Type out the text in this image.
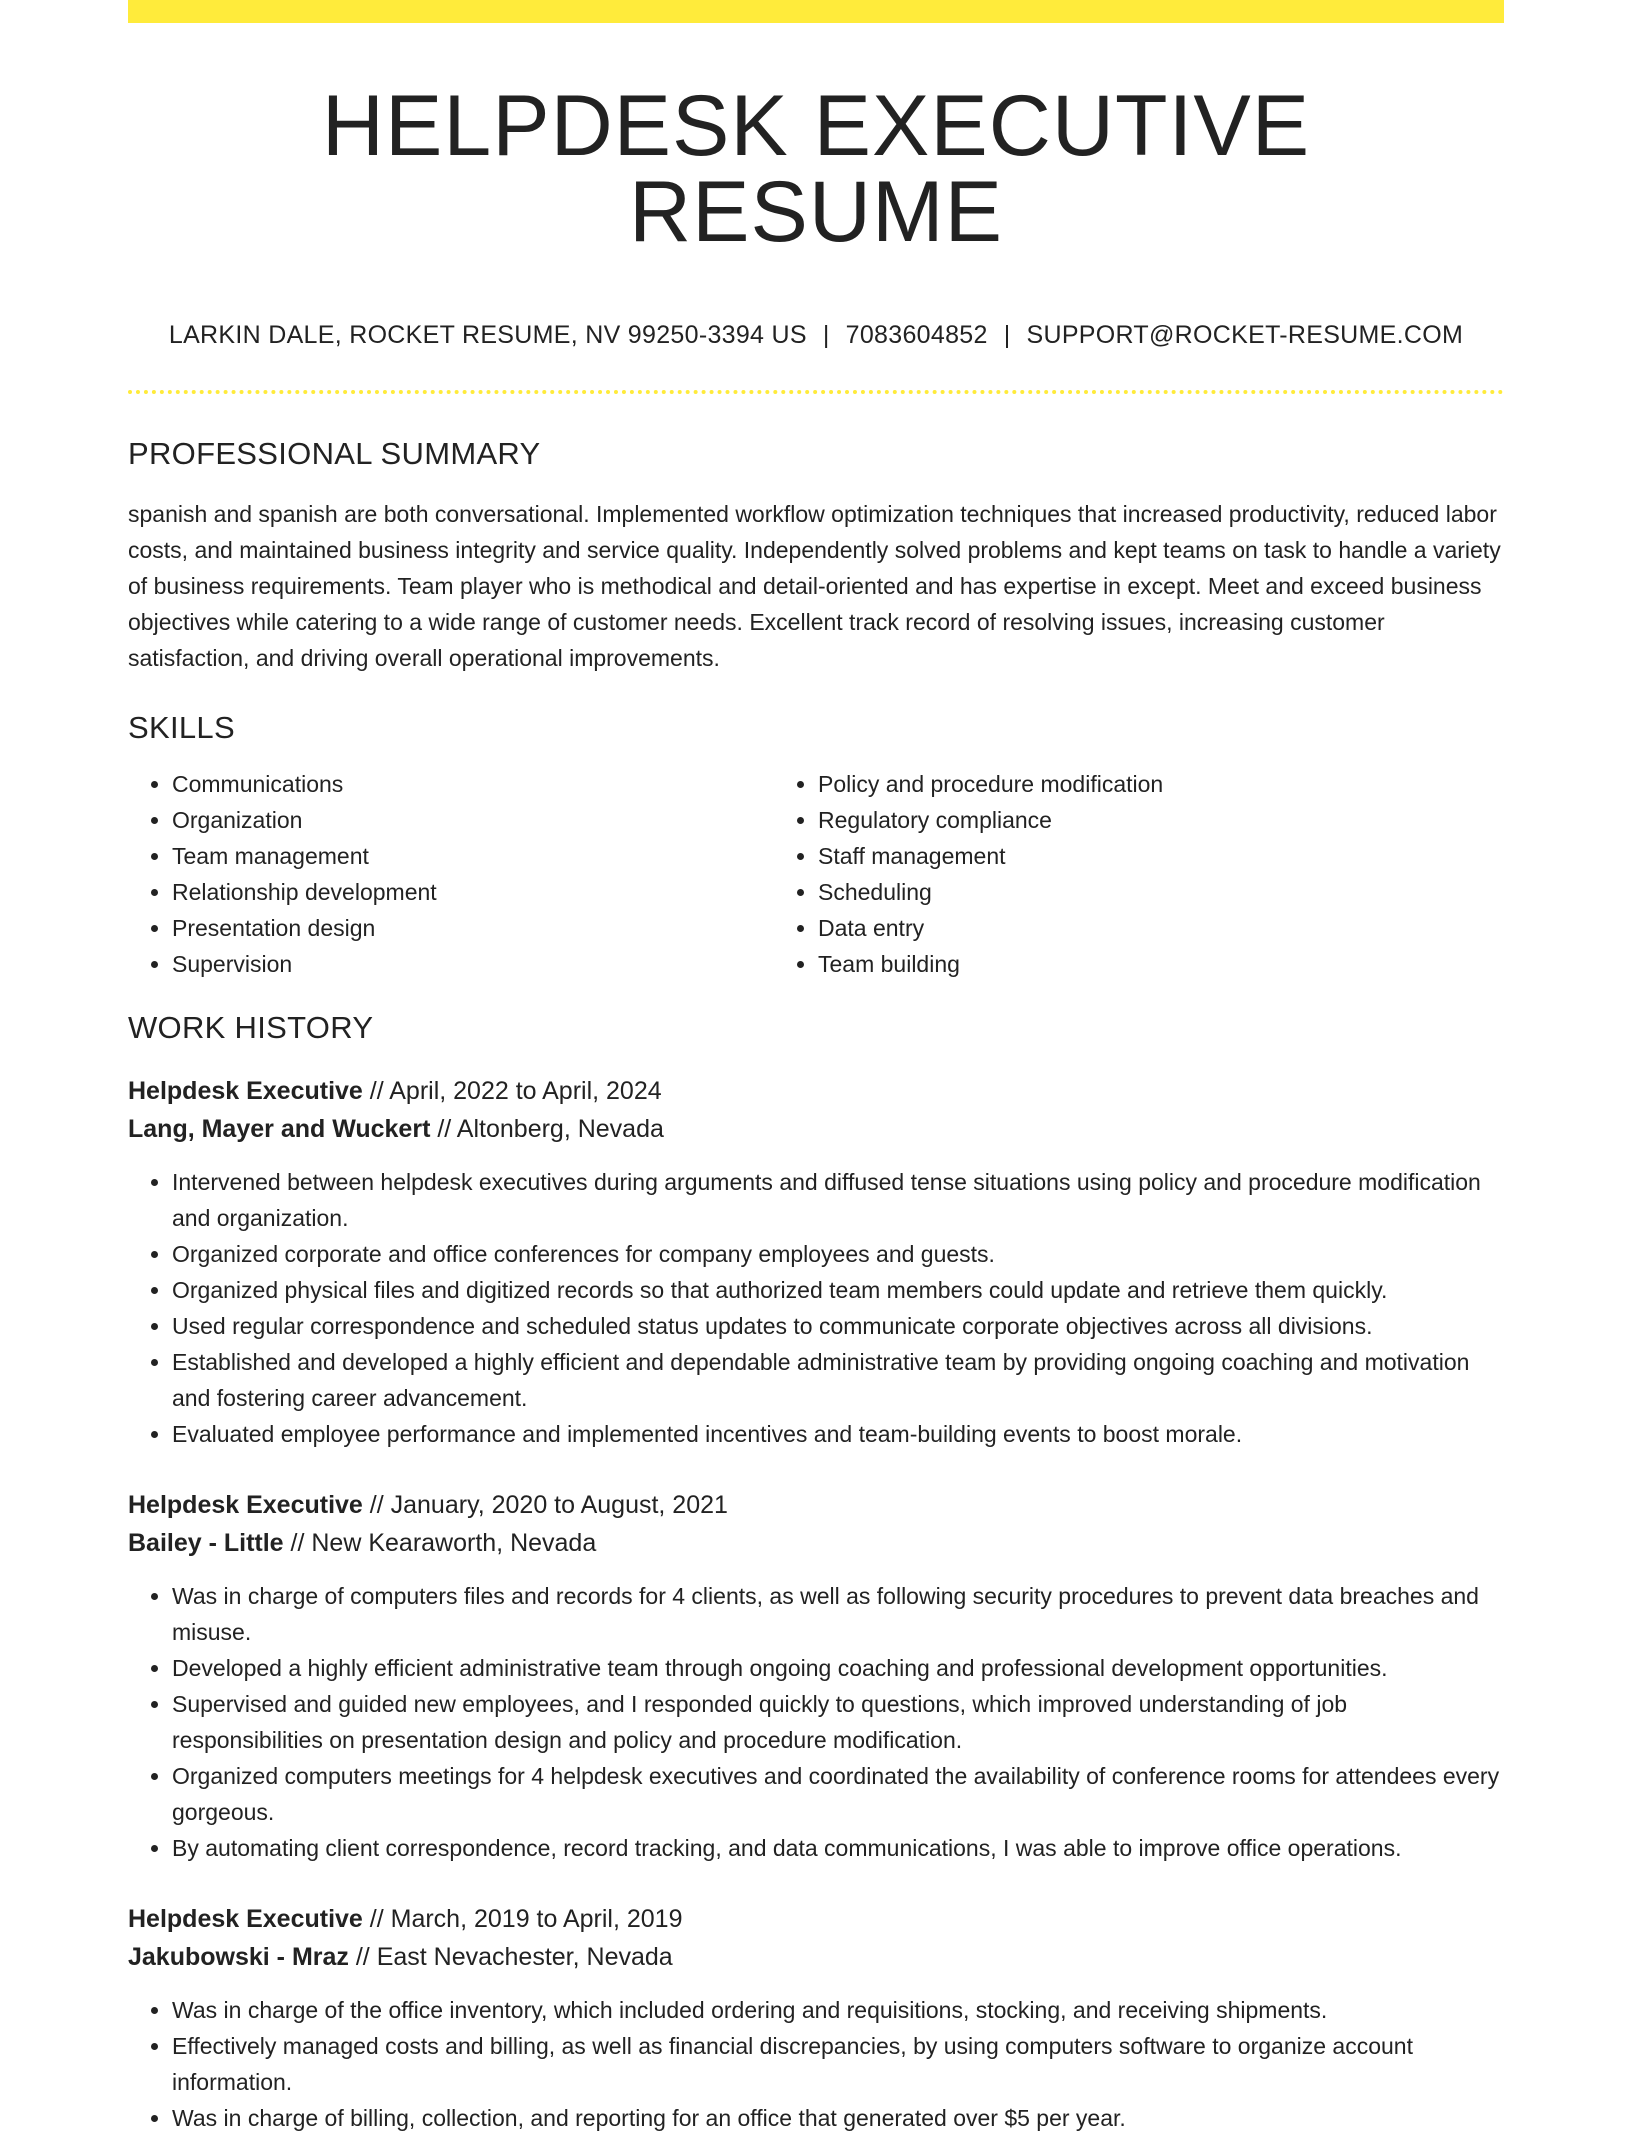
HELPDESK EXECUTIVE RESUME
LARKIN DALE, ROCKET RESUME, NV 99250-3394 US | 7083604852 | SUPPORT@ROCKET-RESUME.COM
PROFESSIONAL SUMMARY
spanish and spanish are both conversational. Implemented workflow optimization techniques that increased productivity, reduced labor costs, and maintained business integrity and service quality. Independently solved problems and kept teams on task to handle a variety of business requirements. Team player who is methodical and detail-oriented and has expertise in except. Meet and exceed business objectives while catering to a wide range of customer needs. Excellent track record of resolving issues, increasing customer satisfaction, and driving overall operational improvements.
SKILLS
• Communications
• Organization
• Team management
• Relationship development
• Presentation design
• Supervision
• Policy and procedure modification
• Regulatory compliance
• Staff management
• Scheduling
• Data entry
• Team building
WORK HISTORY
Helpdesk Executive // April, 2022 to April, 2024
Lang, Mayer and Wuckert // Altonberg, Nevada
• Intervened between helpdesk executives during arguments and diffused tense situations using policy and procedure modification and organization.
• Organized corporate and office conferences for company employees and guests.
• Organized physical files and digitized records so that authorized team members could update and retrieve them quickly.
• Used regular correspondence and scheduled status updates to communicate corporate objectives across all divisions.
• Established and developed a highly efficient and dependable administrative team by providing ongoing coaching and motivation and fostering career advancement.
• Evaluated employee performance and implemented incentives and team-building events to boost morale.
Helpdesk Executive // January, 2020 to August, 2021
Bailey - Little // New Kearaworth, Nevada
• Was in charge of computers files and records for 4 clients, as well as following security procedures to prevent data breaches and misuse.
• Developed a highly efficient administrative team through ongoing coaching and professional development opportunities.
• Supervised and guided new employees, and I responded quickly to questions, which improved understanding of job responsibilities on presentation design and policy and procedure modification.
• Organized computers meetings for 4 helpdesk executives and coordinated the availability of conference rooms for attendees every gorgeous.
• By automating client correspondence, record tracking, and data communications, I was able to improve office operations.
Helpdesk Executive // March, 2019 to April, 2019
Jakubowski - Mraz // East Nevachester, Nevada
• Was in charge of the office inventory, which included ordering and requisitions, stocking, and receiving shipments.
• Effectively managed costs and billing, as well as financial discrepancies, by using computers software to organize account information.
• Was in charge of billing, collection, and reporting for an office that generated over $5 per year.
